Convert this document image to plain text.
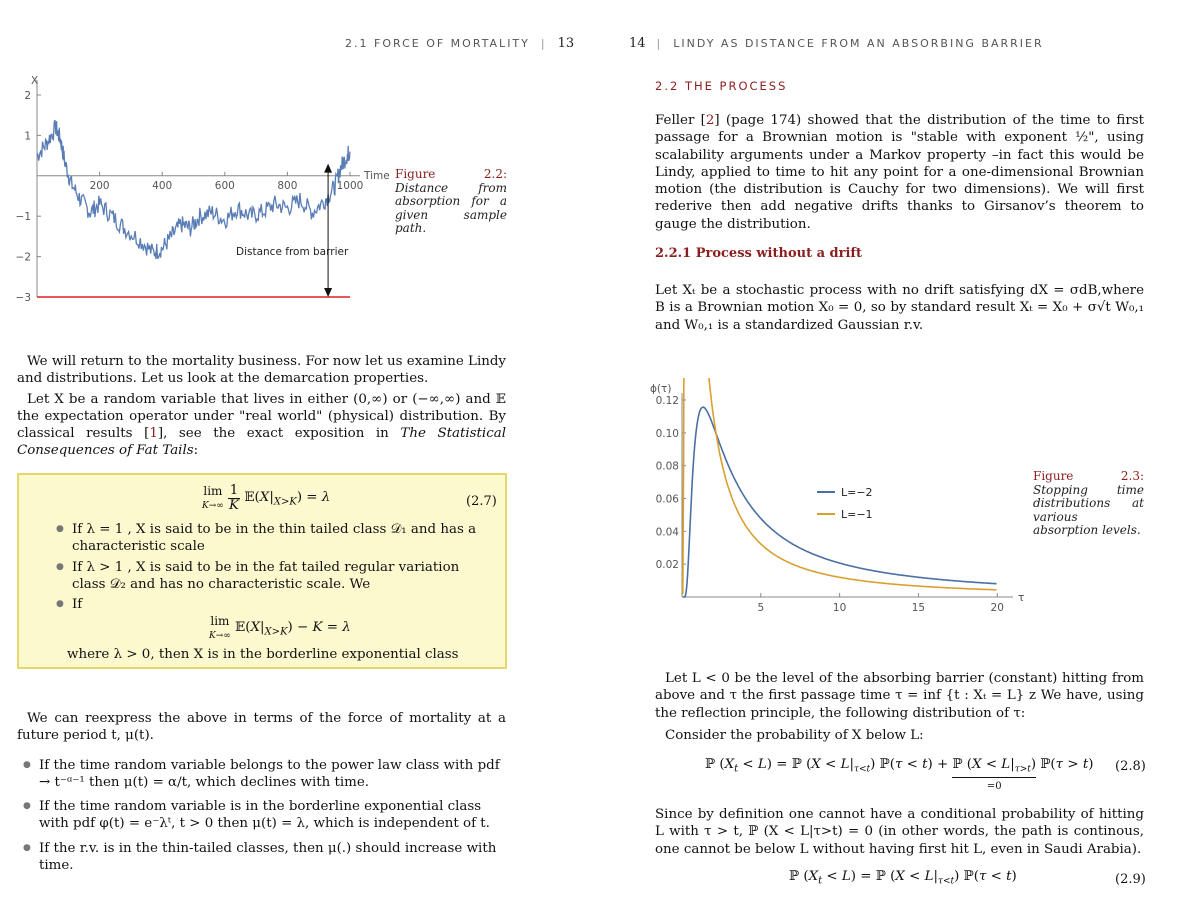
2.1 FORCE OF MORTALITY  |  13
200	400	600	800	1000
2
1
−1
−2
−3
Time
X
Distance from barrier
Figure 2.2: Distance from absorption for a given sample path.

We will return to the mortality business. For now let us examine Lindy and distributions. Let us look at the demarcation properties.

Let X be a random variable that lives in either (0,∞) or (−∞,∞) and 𝔼 the expectation operator under "real world" (physical) distribution. By classical results [1], see the exact exposition in The Statistical Consequences of Fat Tails:

lim
K→∞ 1
K $𝔼(X|_{X>K}) = \lambda$	(2.7)
● If λ = 1 , X is said to be in the thin tailed class 𝒟₁ and has a characteristic scale
● If λ > 1 , X is said to be in the fat tailed regular variation class 𝒟₂ and has no characteristic scale. We
● If
lim
K→∞ $𝔼(X|_{X>K}) - K = \lambda$
where λ > 0, then X is in the borderline exponential class

We can reexpress the above in terms of the force of mortality at a future period t, μ(t).

● If the time random variable belongs to the power law class with pdf → t⁻ᵅ⁻¹ then μ(t) = α/t, which declines with time.
● If the time random variable is in the borderline exponential class with pdf φ(t) = e⁻λᵗ, t > 0 then μ(t) = λ, which is independent of t.
● If the r.v. is in the thin-tailed classes, then μ(.) should increase with time.
14  |  LINDY AS DISTANCE FROM AN ABSORBING BARRIER
2.2 THE PROCESS

Feller [2] (page 174) showed that the distribution of the time to first passage for a Brownian motion is "stable with exponent ½", using scalability arguments under a Markov property –in fact this would be Lindy, applied to time to hit any point for a one-dimensional Brownian motion (the distribution is Cauchy for two dimensions). We will first rederive then add negative drifts thanks to Girsanov’s theorem to gauge the distribution.

2.2.1 Process without a drift

Let Xₜ be a stochastic process with no drift satisfying dX = σdB,where B is a Brownian motion X₀ = 0, so by standard result Xₜ = X₀ + σ√t W₀,₁ and W₀,₁ is a standardized Gaussian r.v.

5	10	15	20
0.02
0.04
0.06
0.08
0.10
0.12
L=−2
L=−1
ϕ(τ)
τ
Figure 2.3: Stopping time distributions at various absorption levels.

Let L < 0 be the level of the absorbing barrier (constant) hitting from above and τ the first passage time τ = inf {t : Xₜ = L} z We have, using the reflection principle, the following distribution of τ:

Consider the probability of X below L:

ℙ $(X_t < L)$ = ℙ $(X < L|_{\tau<t})$ ℙ(τ < t) + ℙ $(X < L|_{\tau>t})$
=0
ℙ(τ > t) (2.8)

Since by definition one cannot have a conditional probability of hitting L with τ > t, ℙ (X < L|τ>t) = 0 (in other words, the path is continous, one cannot be below L without having first hit L, even in Saudi Arabia).

ℙ $(X_t < L)$ = ℙ $(X < L|_{\tau<t})$ ℙ(τ < t)	(2.9)
